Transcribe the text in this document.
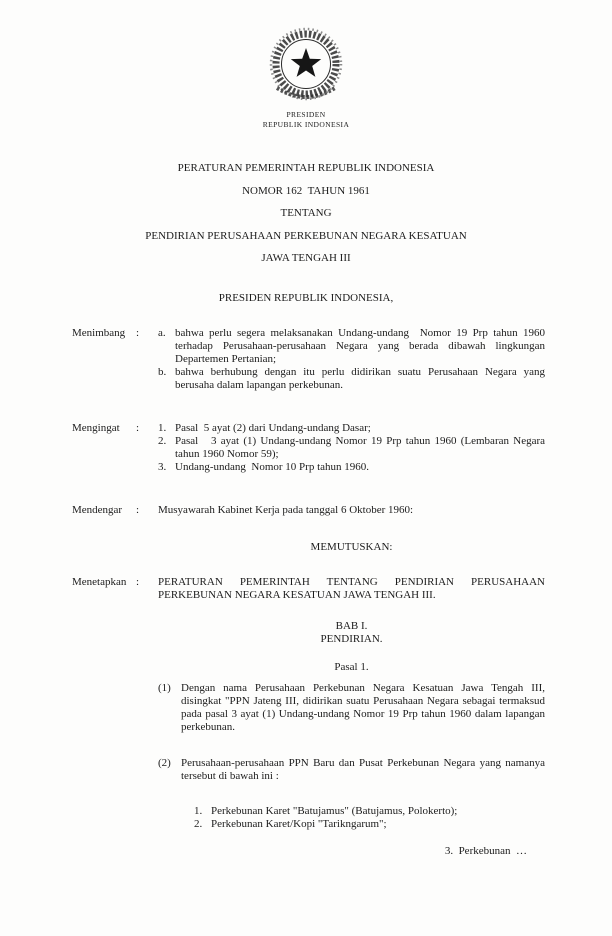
PRESIDEN
REPUBLIK INDONESIA
PERATURAN PEMERINTAH REPUBLIK INDONESIA
NOMOR 162  TAHUN 1961
TENTANG
PENDIRIAN PERUSAHAAN PERKEBUNAN NEGARA KESATUAN
JAWA TENGAH III
PRESIDEN REPUBLIK INDONESIA,
Menimbang :	a. bahwa perlu segera melaksanakan Undang-undang  Nomor 19 Prp tahun 1960 terhadap Perusahaan-perusahaan Negara yang berada dibawah lingkungan Departemen Pertanian;
b. bahwa berhubung dengan itu perlu didirikan suatu Perusahaan Negara yang berusaha dalam lapangan perkebunan.
Mengingat	:	1. Pasal  5 ayat (2) dari Undang-undang Dasar;
2. Pasal   3 ayat (1) Undang-undang Nomor 19 Prp tahun 1960 (Lembaran Negara tahun 1960 Nomor 59);
3. Undang-undang  Nomor 10 Prp tahun 1960.
Mendengar	:	Musyawarah Kabinet Kerja pada tanggal 6 Oktober 1960:
MEMUTUSKAN:
Menetapkan :	PERATURAN PEMERINTAH TENTANG PENDIRIAN PERUSAHAAN PERKEBUNAN NEGARA KESATUAN JAWA TENGAH III.
BAB I.
PENDIRIAN.
Pasal 1.
(1) Dengan nama Perusahaan Perkebunan Negara Kesatuan Jawa Tengah III, disingkat "PPN Jateng III, didirikan suatu Perusahaan Negara sebagai termaksud pada pasal 3 ayat (1) Undang-undang Nomor 19 Prp tahun 1960 dalam lapangan perkebunan.
(2) Perusahaan-perusahaan PPN Baru dan Pusat Perkebunan Negara yang namanya tersebut di bawah ini :
1. Perkebunan Karet "Batujamus" (Batujamus, Polokerto);
2. Perkebunan Karet/Kopi "Tarikngarum";
3.  Perkebunan  …
